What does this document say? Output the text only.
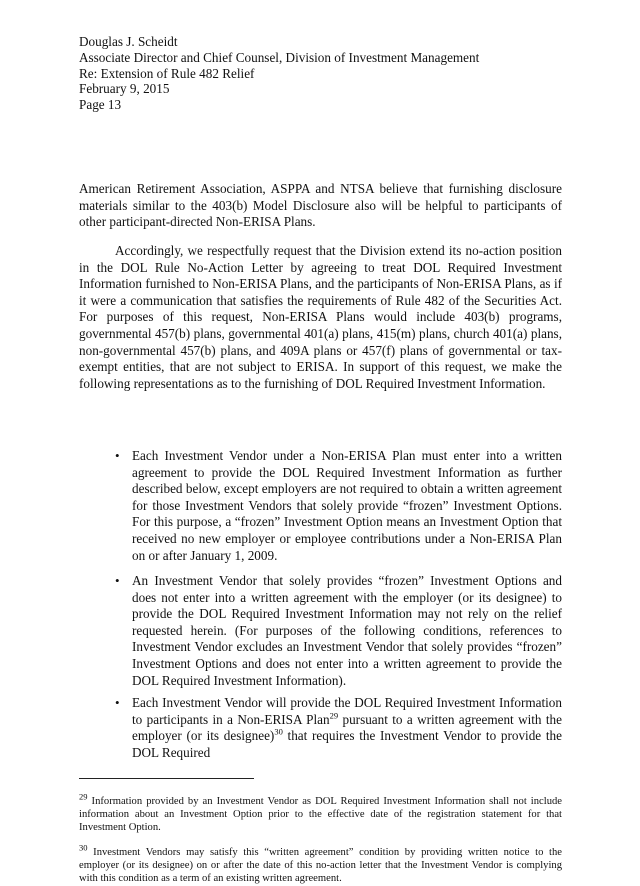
Douglas J. Scheidt
Associate Director and Chief Counsel, Division of Investment Management
Re: Extension of Rule 482 Relief
February 9, 2015
Page 13
American Retirement Association, ASPPA and NTSA believe that furnishing disclosure materials similar to the 403(b) Model Disclosure also will be helpful to participants of other participant-directed Non-ERISA Plans.
Accordingly, we respectfully request that the Division extend its no-action position in the DOL Rule No-Action Letter by agreeing to treat DOL Required Investment Information furnished to Non-ERISA Plans, and the participants of Non-ERISA Plans, as if it were a communication that satisfies the requirements of Rule 482 of the Securities Act. For purposes of this request, Non-ERISA Plans would include 403(b) programs, governmental 457(b) plans, governmental 401(a) plans, 415(m) plans, church 401(a) plans, non-governmental 457(b) plans, and 409A plans or 457(f) plans of governmental or tax-exempt entities, that are not subject to ERISA. In support of this request, we make the following representations as to the furnishing of DOL Required Investment Information.
• Each Investment Vendor under a Non-ERISA Plan must enter into a written agreement to provide the DOL Required Investment Information as further described below, except employers are not required to obtain a written agreement for those Investment Vendors that solely provide “frozen” Investment Options. For this purpose, a “frozen” Investment Option means an Investment Option that received no new employer or employee contributions under a Non-ERISA Plan on or after January 1, 2009.
• An Investment Vendor that solely provides “frozen” Investment Options and does not enter into a written agreement with the employer (or its designee) to provide the DOL Required Investment Information may not rely on the relief requested herein. (For purposes of the following conditions, references to Investment Vendor excludes an Investment Vendor that solely provides “frozen” Investment Options and does not enter into a written agreement to provide the DOL Required Investment Information).
• Each Investment Vendor will provide the DOL Required Investment Information to participants in a Non-ERISA Plan$^{29}$ pursuant to a written agreement with the employer (or its designee)$^{30}$ that requires the Investment Vendor to provide the DOL Required
$^{29}$ Information provided by an Investment Vendor as DOL Required Investment Information shall not include information about an Investment Option prior to the effective date of the registration statement for that Investment Option.
$^{30}$ Investment Vendors may satisfy this “written agreement” condition by providing written notice to the employer (or its designee) on or after the date of this no-action letter that the Investment Vendor is complying with this condition as a term of an existing written agreement.
